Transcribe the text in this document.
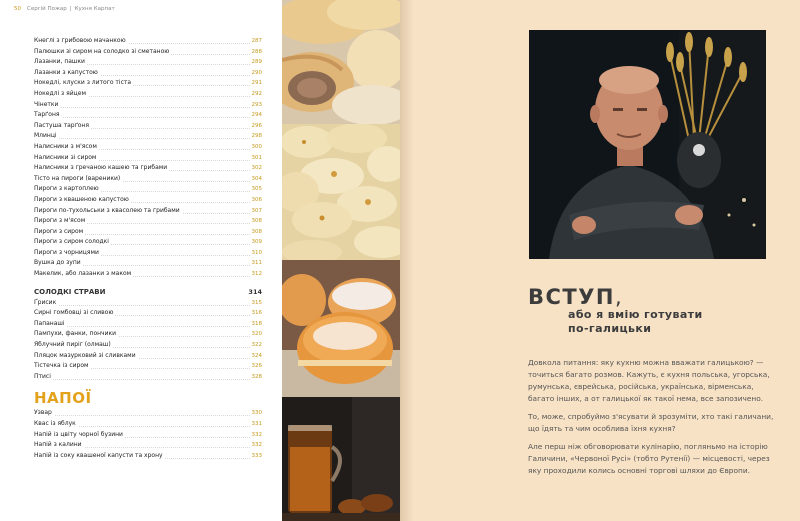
50 Сергій Пожар | Кухня Карпат
Кнеглі з грибовою мачанкою	287
Палюшки зі сиром на солодко зі сметаною	288
Лазанки, пашки	289
Лазанки з капустою	290
Нокедлі, клуски з литого тіста	291
Нокедлі з яйцем	292
Чінетки	293
Тарґоня	294
Пастуша тарґоня	296
Млинці	298
Налисники з м'ясом	300
Налисники зі сиром	301
Налисники з гречаною кашею та грибами	302
Тісто на пироги (вареники)	304
Пироги з картоплею	305
Пироги з квашеною капустою	306
Пироги по-тухольськи з квасолею та грибами	307
Пироги з м'ясом	308
Пироги з сиром	308
Пироги з сиром солодкі	309
Пироги з чорницями	310
Вушка до зупи	311
Макелик, або лазанки з маком	312
СОЛОДКІ СТРАВИ	314
Ґрисик	315
Сирні гомбовці зі сливою	316
Папанаші	318
Пампухи, фанки, пончики	320
Яблучний пиріг (олмаш)	322
Пляцок мазурковий зі сливками	324
Тістечка із сиром	326
Птисі	328
НАПОЇ
Узвар	330
Квас із яблук	331
Напій із цвіту чорної бузини	332
Напій з калини	332
Напій із соку квашеної капусти та хрону	333
ВСТУП,
або я вмію готувати
по-галицьки

Довкола питання: яку кухню можна вважати галицькою? — точиться багато розмов. Кажуть, є кухня польська, угорська, румунська, єврейська, російська, українська, вірменська, багато інших, а от галицької як такої нема, все запозичено.

То, може, спробуймо з'ясувати й зрозуміти, хто такі галичани, що їдять та чим особлива їхня кухня?

Але перш ніж обговорювати кулінарію, погляньмо на історію Галичини, «Червоної Русі» (тобто Рутенії) — місцевості, через яку проходили колись основні торгові шляхи до Європи.
